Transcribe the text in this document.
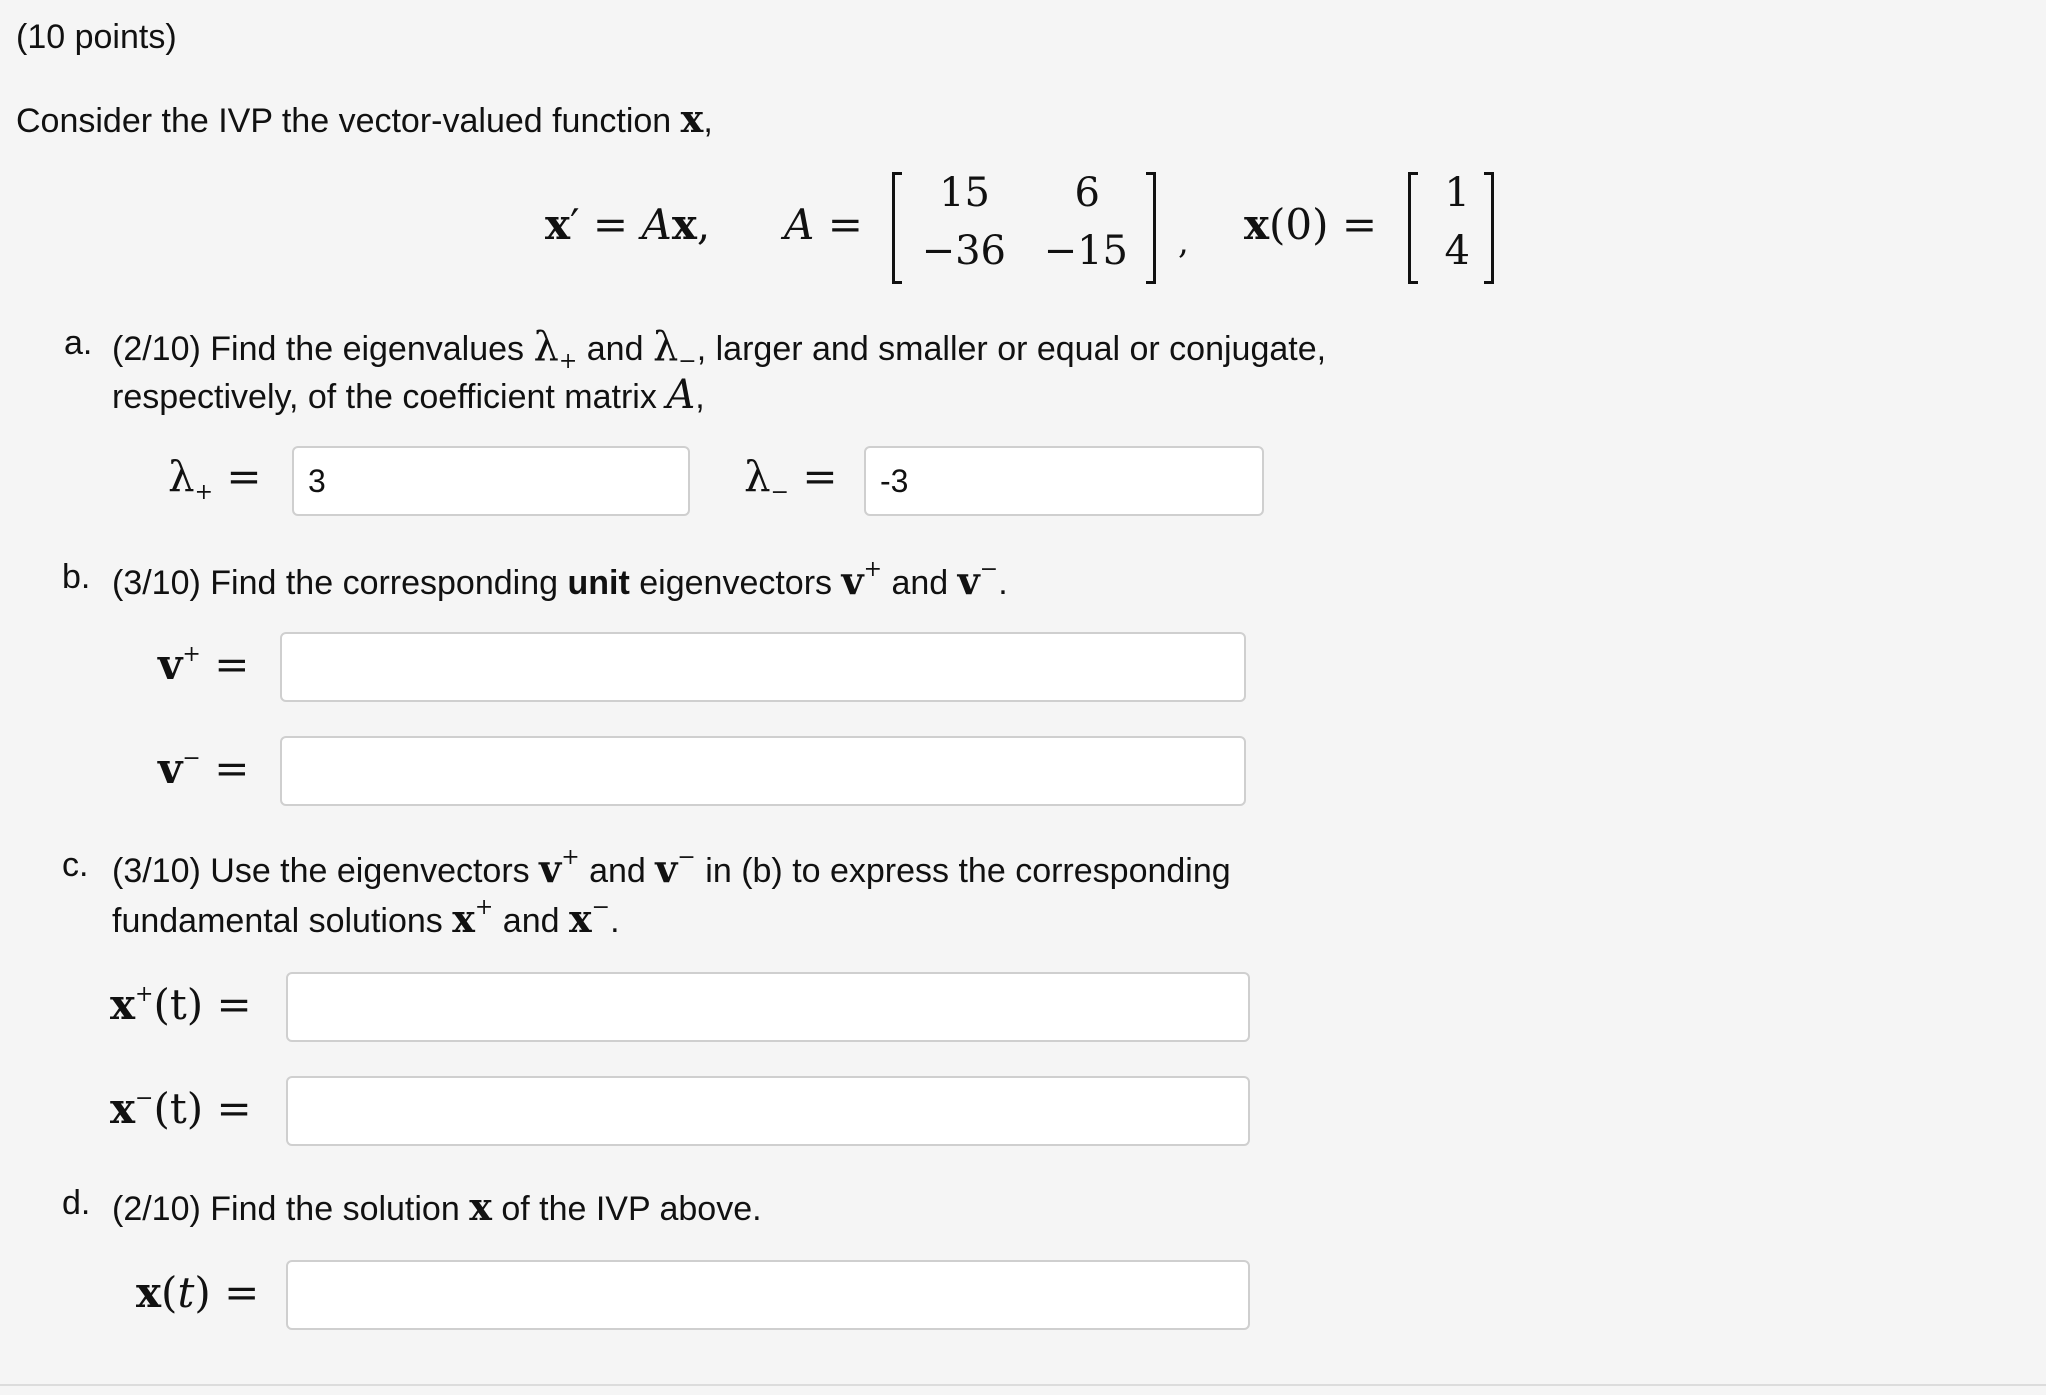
(10 points)
Consider the IVP the vector-valued function x,
x′ = Ax, A =
15	6
−36 −15 , x(0) =
1
4
a. (2/10) Find the eigenvalues $\lambda_+$ and $\lambda_-$, larger and smaller or equal or conjugate,
respectively, of the coefficient matrix A,
$\lambda_+$ =
3	$\lambda_-$ =
-3
b. (3/10) Find the corresponding unit eigenvectors v+ and v−.
v+ =
v− =
c. (3/10) Use the eigenvectors v+ and v− in (b) to express the corresponding
fundamental solutions x+ and x−.
x+(t) =
x−(t) =
d. (2/10) Find the solution x of the IVP above.
x(t) =
